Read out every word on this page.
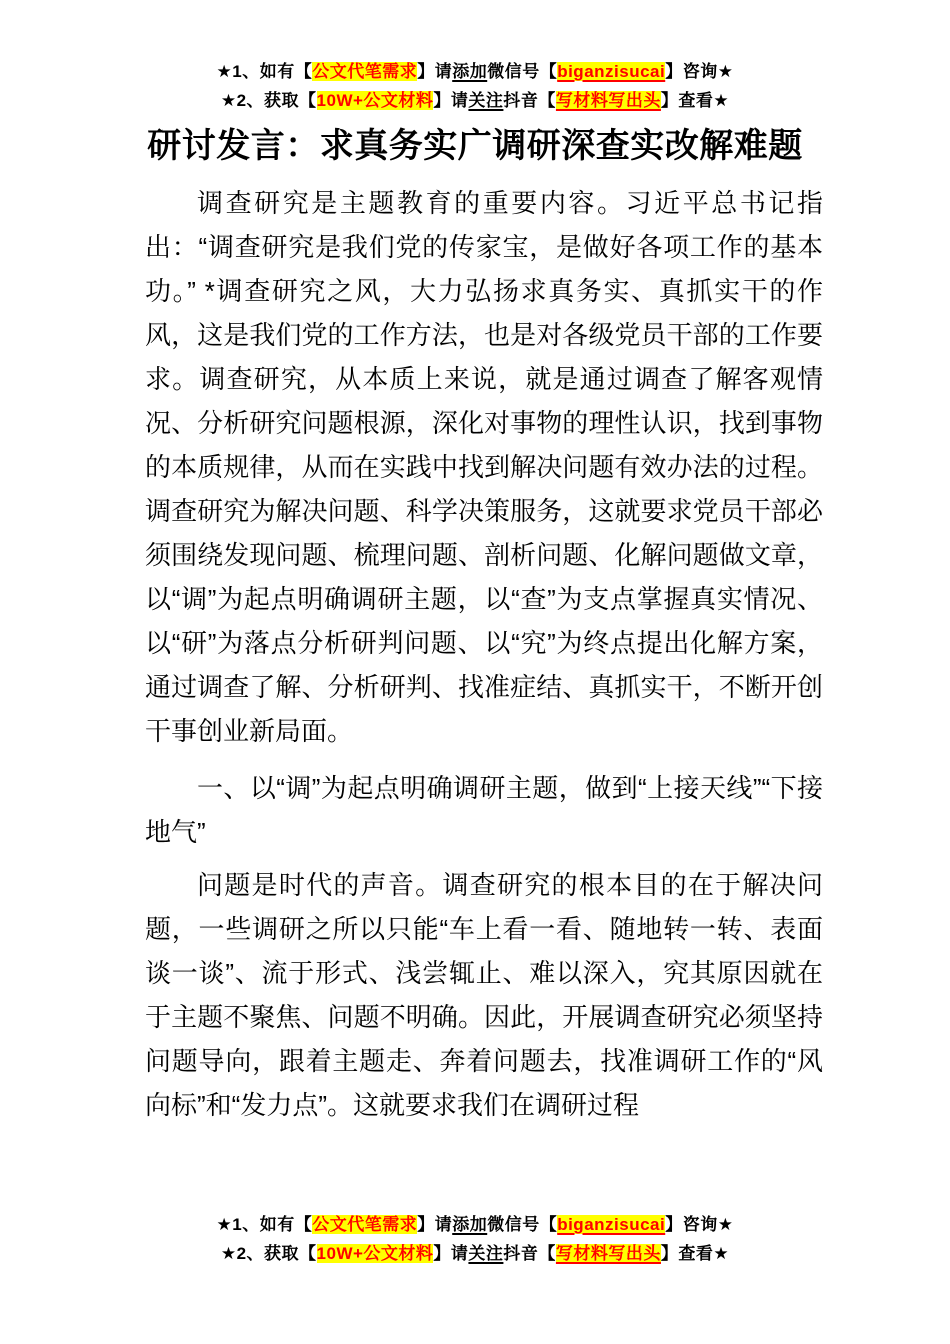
★1、如有【公文代笔需求】请添加微信号【biganzisucai】咨询★
★2、获取【10W+公文材料】请关注抖音【写材料写出头】查看★
研讨发言：求真务实广调研深查实改解难题

调查研究是主题教育的重要内容。习近平总书记指出：“调查研究是我们党的传家宝，是做好各项工作的基本功。” *调查研究之风，大力弘扬求真务实、真抓实干的作风，这是我们党的工作方法，也是对各级党员干部的工作要求。调查研究，从本质上来说，就是通过调查了解客观情况、分析研究问题根源，深化对事物的理性认识，找到事物的本质规律，从而在实践中找到解决问题有效办法的过程。调查研究为解决问题、科学决策服务，这就要求党员干部必须围绕发现问题、梳理问题、剖析问题、化解问题做文章，以“调”为起点明确调研主题，以“查”为支点掌握真实情况、以“研”为落点分析研判问题、以“究”为终点提出化解方案，通过调查了解、分析研判、找准症结、真抓实干，不断开创干事创业新局面。

一、以“调”为起点明确调研主题，做到“上接天线”“下接地气”

问题是时代的声音。调查研究的根本目的在于解决问题，一些调研之所以只能“车上看一看、随地转一转、表面谈一谈”、流于形式、浅尝辄止、难以深入，究其原因就在于主题不聚焦、问题不明确。因此，开展调查研究必须坚持问题导向，跟着主题走、奔着问题去，找准调研工作的“风向标”和“发力点”。这就要求我们在调研过程

★1、如有【公文代笔需求】请添加微信号【biganzisucai】咨询★
★2、获取【10W+公文材料】请关注抖音【写材料写出头】查看★
